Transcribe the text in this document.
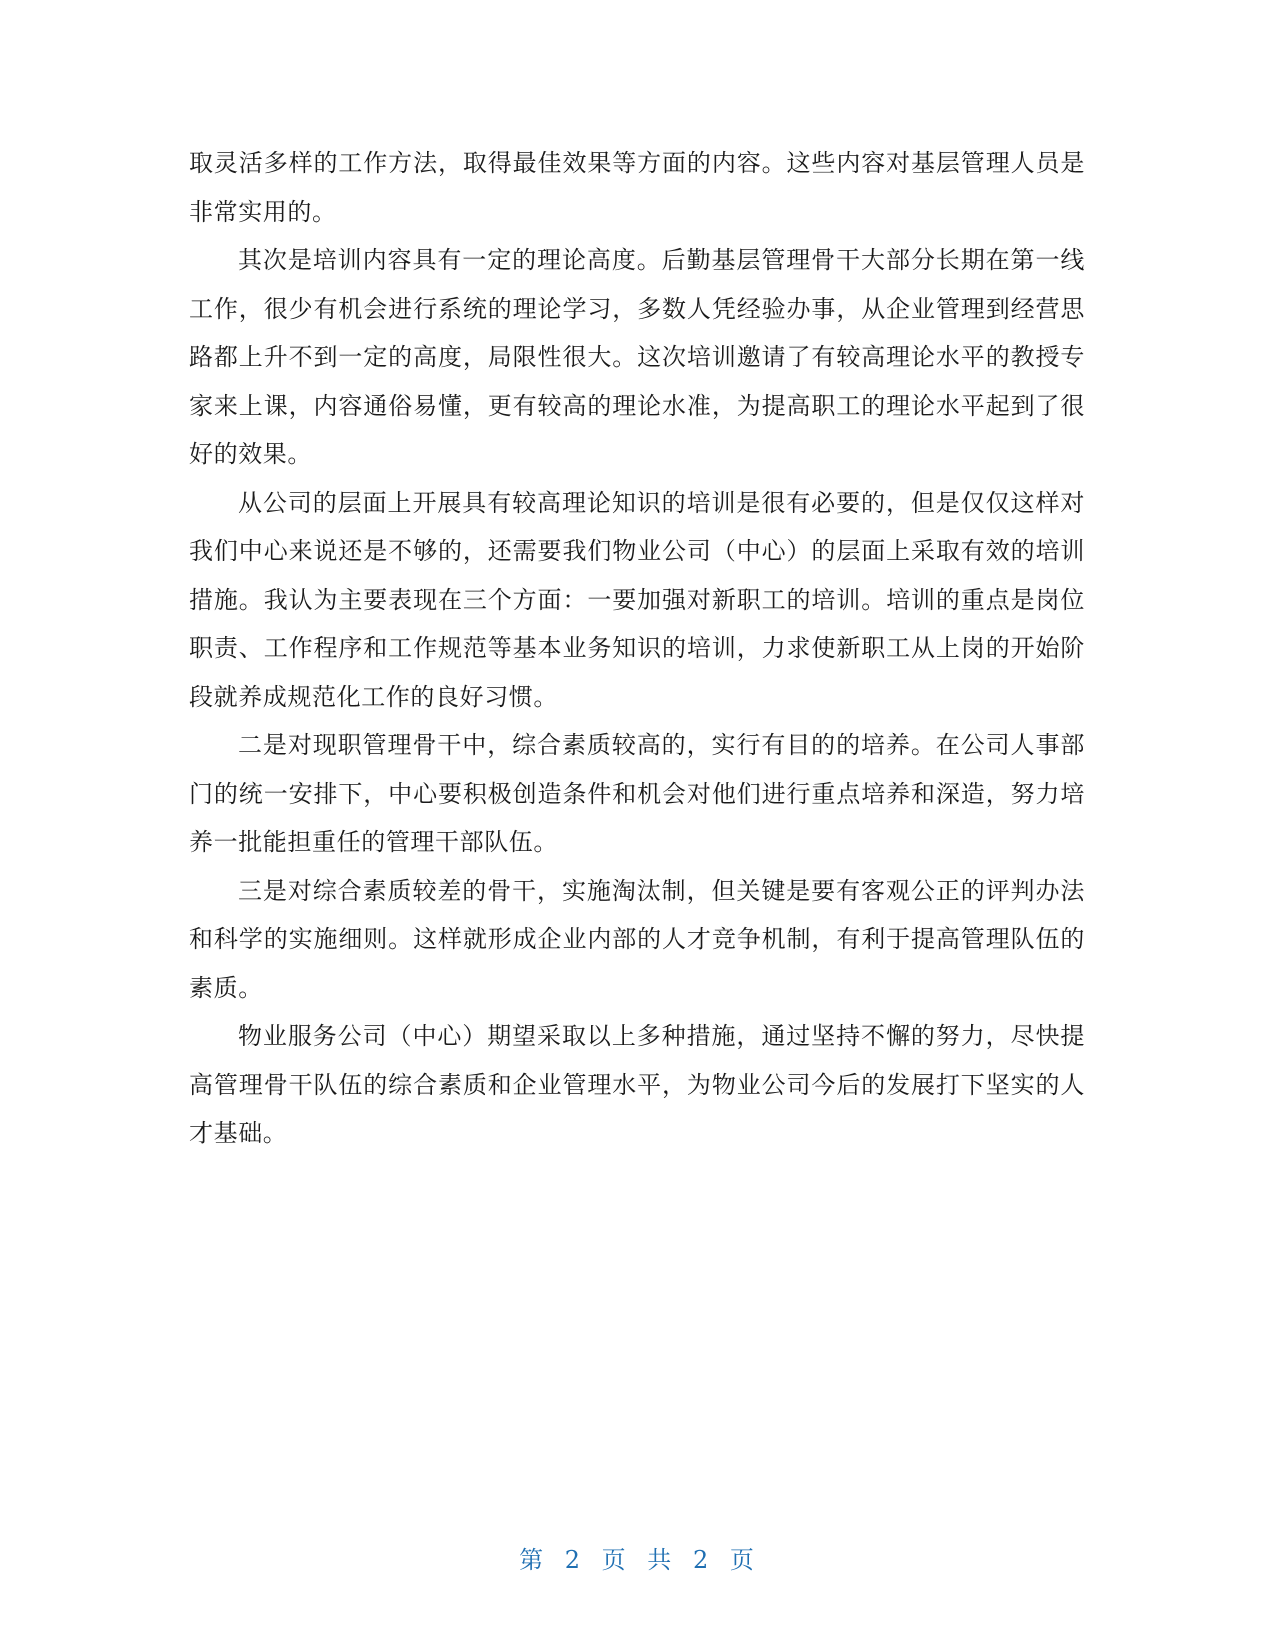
取灵活多样的工作方法，取得最佳效果等方面的内容。这些内容对基层管理人员是非常实用的。

其次是培训内容具有一定的理论高度。后勤基层管理骨干大部分长期在第一线工作，很少有机会进行系统的理论学习，多数人凭经验办事，从企业管理到经营思路都上升不到一定的高度，局限性很大。这次培训邀请了有较高理论水平的教授专家来上课，内容通俗易懂，更有较高的理论水准，为提高职工的理论水平起到了很好的效果。

从公司的层面上开展具有较高理论知识的培训是很有必要的，但是仅仅这样对我们中心来说还是不够的，还需要我们物业公司（中心）的层面上采取有效的培训措施。我认为主要表现在三个方面：一要加强对新职工的培训。培训的重点是岗位职责、工作程序和工作规范等基本业务知识的培训，力求使新职工从上岗的开始阶段就养成规范化工作的良好习惯。

二是对现职管理骨干中，综合素质较高的，实行有目的的培养。在公司人事部门的统一安排下，中心要积极创造条件和机会对他们进行重点培养和深造，努力培养一批能担重任的管理干部队伍。

三是对综合素质较差的骨干，实施淘汰制，但关键是要有客观公正的评判办法和科学的实施细则。这样就形成企业内部的人才竞争机制，有利于提高管理队伍的素质。

物业服务公司（中心）期望采取以上多种措施，通过坚持不懈的努力，尽快提高管理骨干队伍的综合素质和企业管理水平，为物业公司今后的发展打下坚实的人才基础。

第 2 页 共 2 页
